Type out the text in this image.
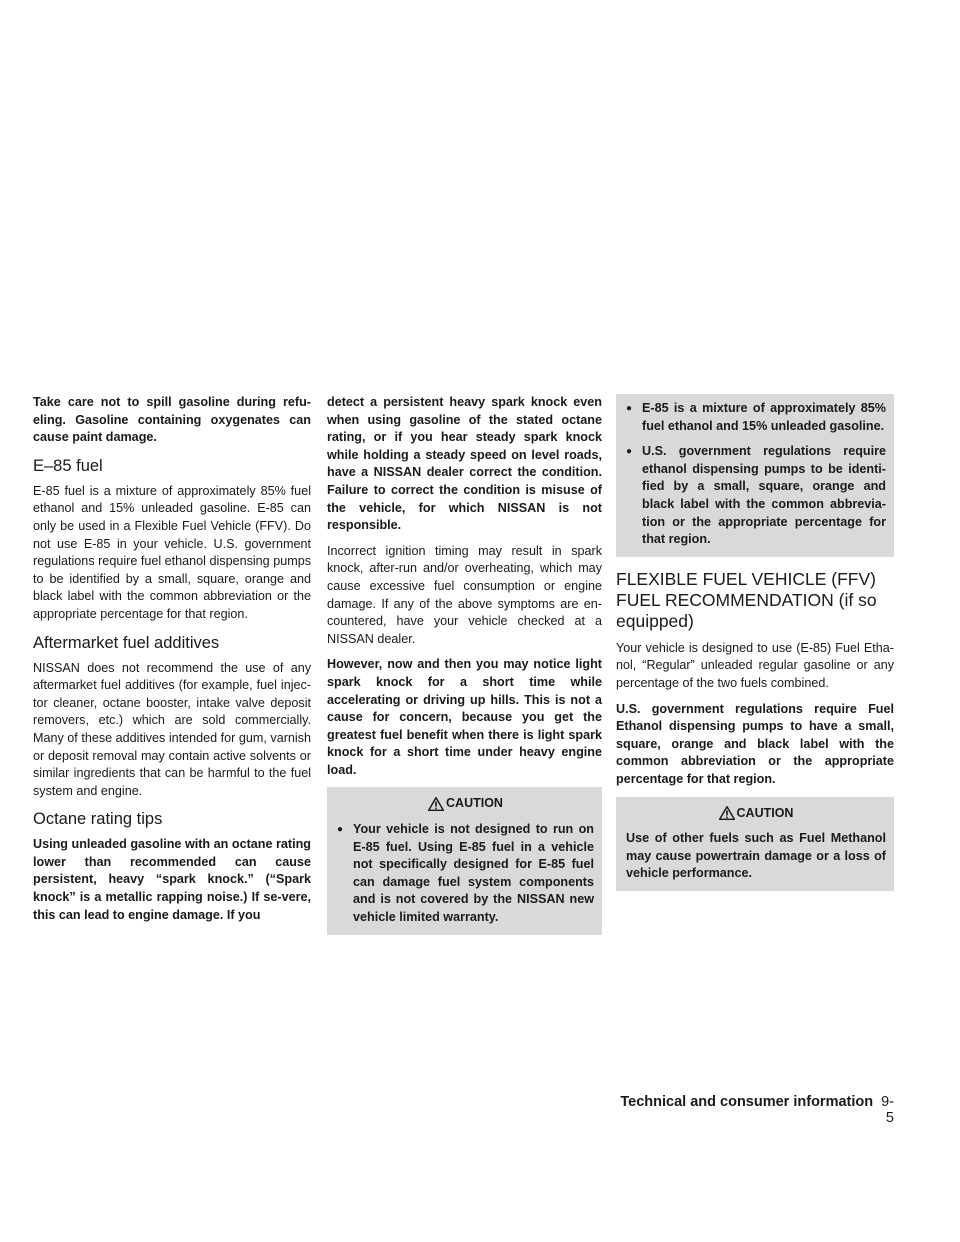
Take care not to spill gasoline during refu-eling. Gasoline containing oxygenates can cause paint damage.

E–85 fuel

E-85 fuel is a mixture of approximately 85% fuel ethanol and 15% unleaded gasoline. E-85 can only be used in a Flexible Fuel Vehicle (FFV). Do not use E-85 in your vehicle. U.S. government regulations require fuel ethanol dispensing pumps to be identified by a small, square, orange and black label with the common abbreviation or the appropriate percentage for that region.

Aftermarket fuel additives

NISSAN does not recommend the use of any aftermarket fuel additives (for example, fuel injec-tor cleaner, octane booster, intake valve deposit removers, etc.) which are sold commercially. Many of these additives intended for gum, varnish or deposit removal may contain active solvents or similar ingredients that can be harmful to the fuel system and engine.

Octane rating tips

Using unleaded gasoline with an octane rating lower than recommended can cause persistent, heavy “spark knock.” (“Spark knock” is a metallic rapping noise.) If se-vere, this can lead to engine damage. If you

detect a persistent heavy spark knock even when using gasoline of the stated octane rating, or if you hear steady spark knock while holding a steady speed on level roads, have a NISSAN dealer correct the condition. Failure to correct the condition is misuse of the vehicle, for which NISSAN is not responsible.

Incorrect ignition timing may result in spark knock, after-run and/or overheating, which may cause excessive fuel consumption or engine damage. If any of the above symptoms are en-countered, have your vehicle checked at a NISSAN dealer.

However, now and then you may notice light spark knock for a short time while accelerating or driving up hills. This is not a cause for concern, because you get the greatest fuel benefit when there is light spark knock for a short time under heavy engine load.

CAUTION
● Your vehicle is not designed to run on E-85 fuel. Using E-85 fuel in a vehicle not specifically designed for E-85 fuel can damage fuel system components and is not covered by the NISSAN new vehicle limited warranty.
● E-85 is a mixture of approximately 85% fuel ethanol and 15% unleaded gasoline.
● U.S. government regulations require ethanol dispensing pumps to be identi-fied by a small, square, orange and black label with the common abbrevia-tion or the appropriate percentage for that region.
FLEXIBLE FUEL VEHICLE (FFV) FUEL RECOMMENDATION (if so equipped)

Your vehicle is designed to use (E-85) Fuel Etha-nol, “Regular” unleaded regular gasoline or any percentage of the two fuels combined.

U.S. government regulations require Fuel Ethanol dispensing pumps to have a small, square, orange and black label with the common abbreviation or the appropriate percentage for that region.

CAUTION

Use of other fuels such as Fuel Methanol may cause powertrain damage or a loss of vehicle performance.

Technical and consumer information 9-5
